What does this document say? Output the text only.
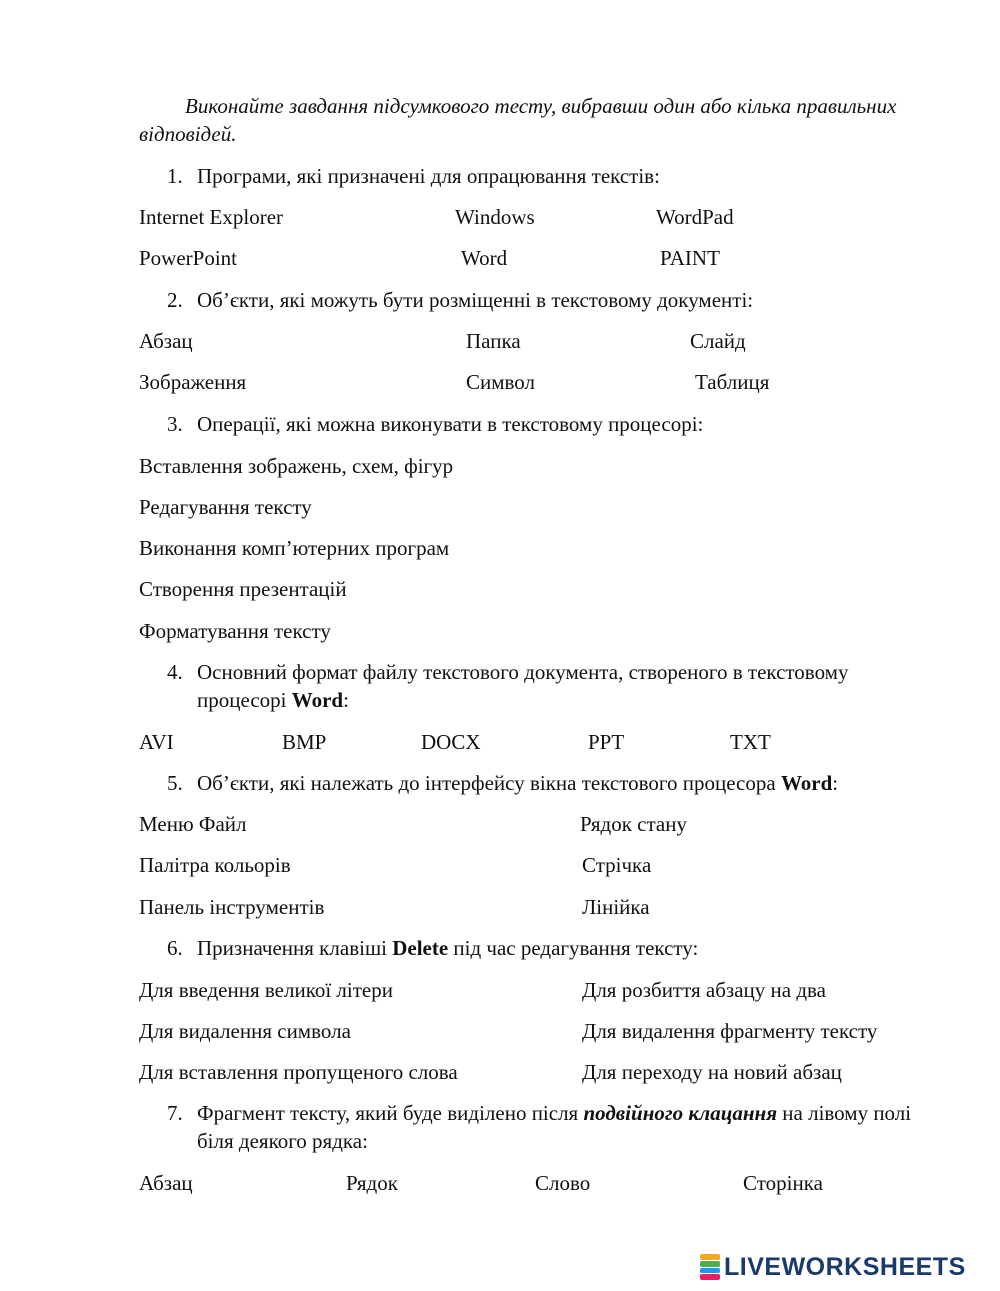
Виконайте завдання підсумкового тесту, вибравши один або кілька правильних відповідей.
1. Програми, які призначені для опрацювання текстів:
Internet Explorer	Windows	WordPad
PowerPoint	Word	PAINT
2. Об’єкти, які можуть бути розміщенні в текстовому документі:
Абзац	Папка	Слайд
Зображення	Символ	Таблиця
3. Операції, які можна виконувати в текстовому процесорі:
Вставлення зображень, схем, фігур
Редагування тексту
Виконання комп’ютерних програм
Створення презентацій
Форматування тексту
4. Основний формат файлу текстового документа, створеного в текстовому процесорі Word:
AVI	BMP	DOCX	PPT	TXT
5. Об’єкти, які належать до інтерфейсу вікна текстового процесора Word:
Меню Файл	Рядок стану
Палітра кольорів	Стрічка
Панель інструментів	Лінійка
6. Призначення клавіші Delete під час редагування тексту:
Для введення великої літери	Для розбиття абзацу на два
Для видалення символа	Для видалення фрагменту тексту
Для вставлення пропущеного слова	Для переходу на новий абзац
7. Фрагмент тексту, який буде виділено після подвійного клацання на лівому полі біля деякого рядка:
Абзац	Рядок	Слово	Сторінка
LIVEWORKSHEETS
